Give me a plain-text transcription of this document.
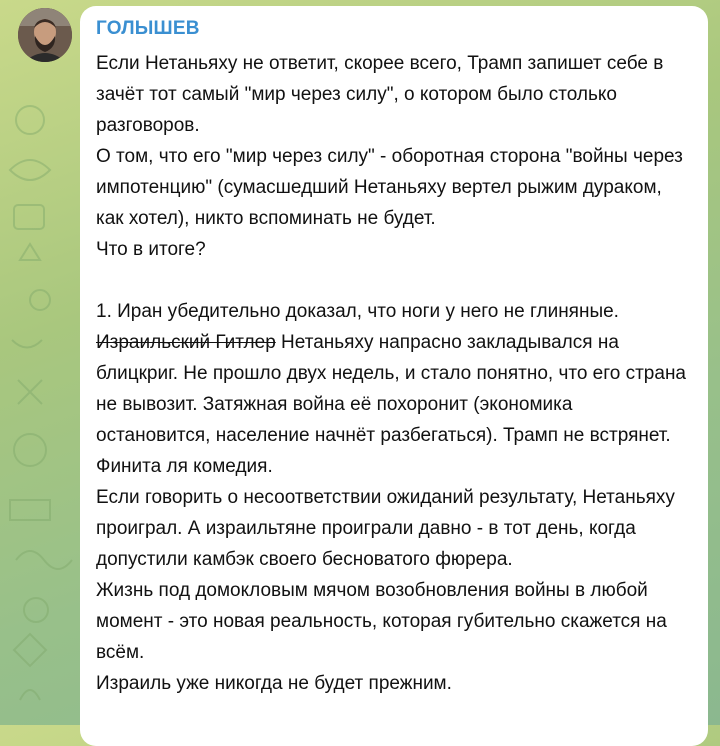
ГОЛЫШЕВ

Если Нетаньяху не ответит, скорее всего, Трамп запишет себе в зачёт тот самый "мир через силу", о котором было столько разговоров.

О том, что его "мир через силу" - оборотная сторона "войны через импотенцию" (сумасшедший Нетаньяху вертел рыжим дураком, как хотел), никто вспоминать не будет.

Что в итоге?

1. Иран убедительно доказал, что ноги у него не глиняные.

Израильский Гитлер Нетаньяху напрасно закладывался на блицкриг. Не прошло двух недель, и стало понятно, что его страна не вывозит. Затяжная война её похоронит (экономика остановится, население начнёт разбегаться). Трамп не встрянет.

Финита ля комедия.

Если говорить о несоответствии ожиданий результату, Нетаньяху проиграл. А израильтяне проиграли давно - в тот день, когда допустили камбэк своего бесноватого фюрера.

Жизнь под домокловым мячом возобновления войны в любой момент - это новая реальность, которая губительно скажется на всём.

Израиль уже никогда не будет прежним.
